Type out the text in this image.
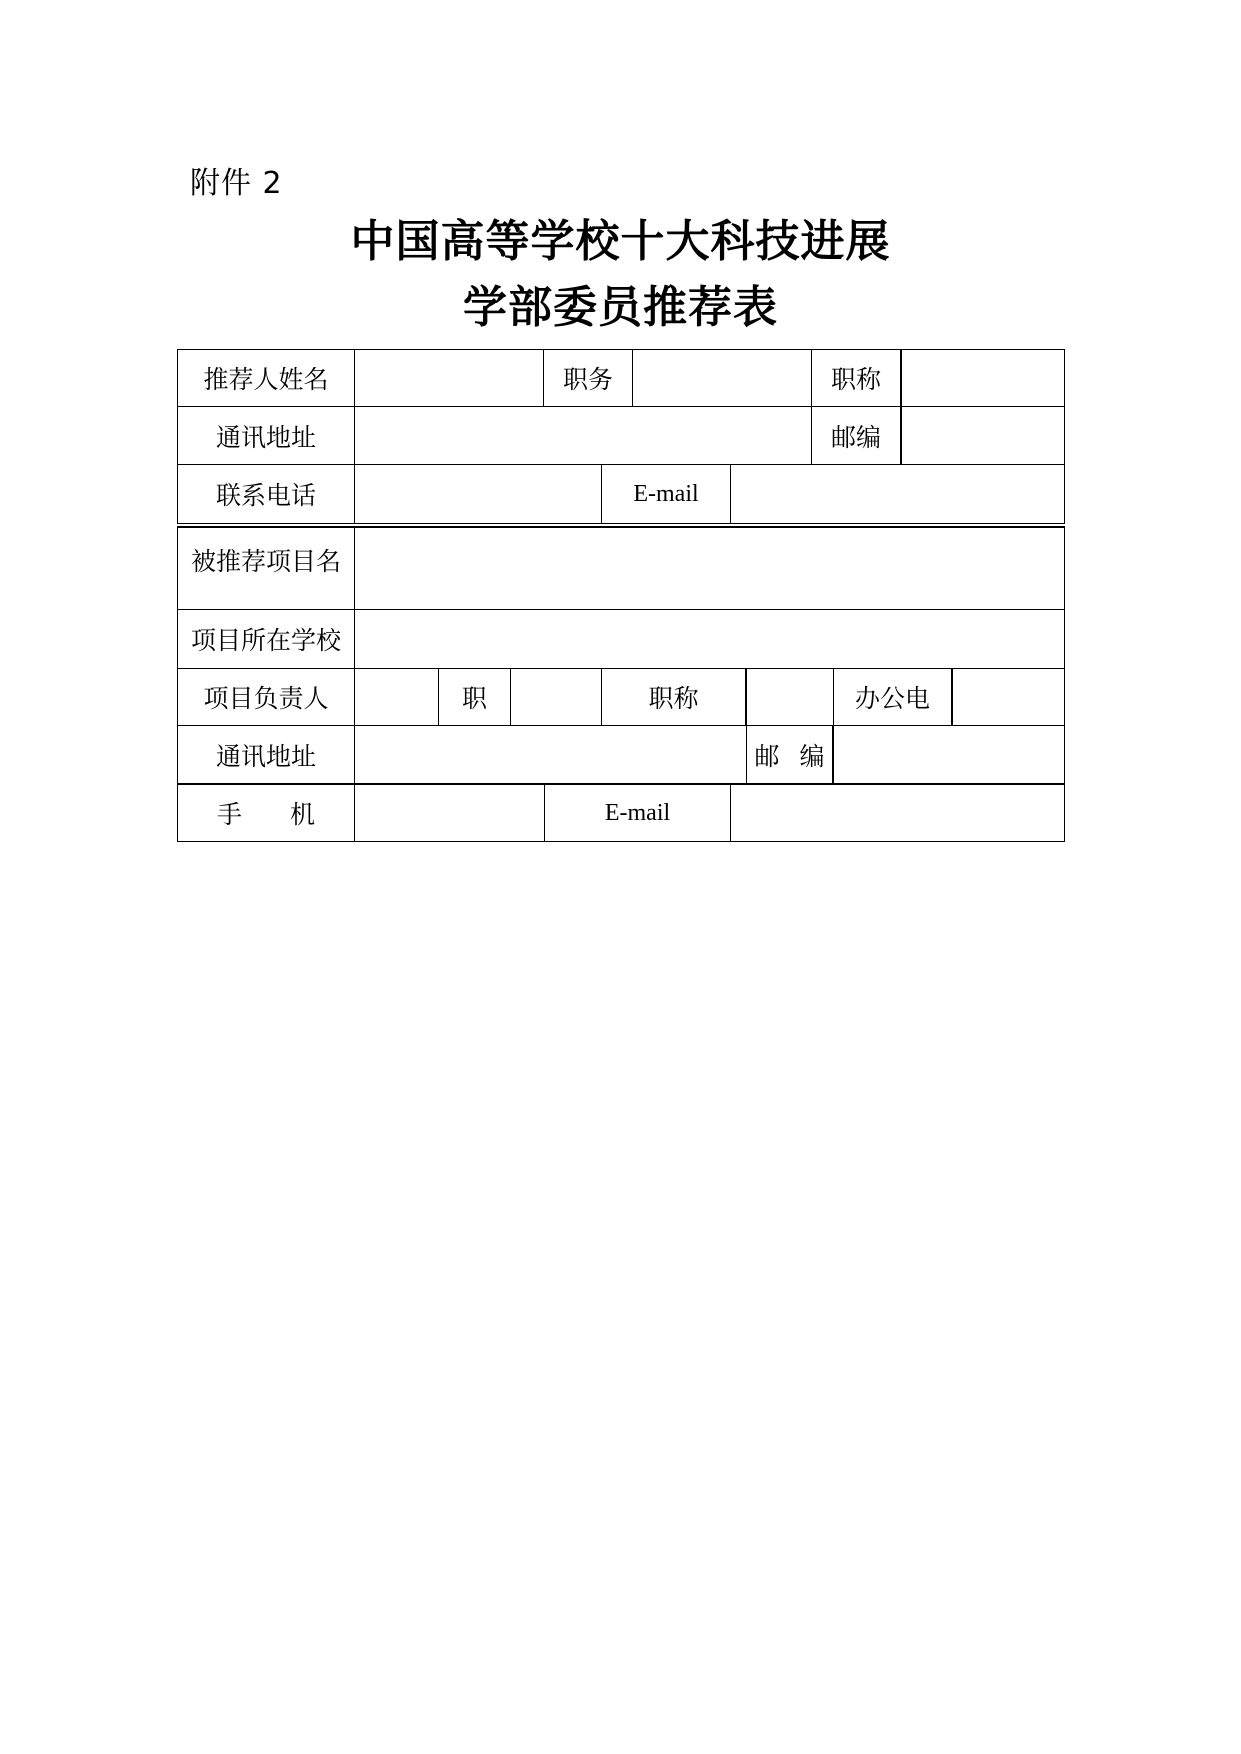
附件 2
中国高等学校十大科技进展
学部委员推荐表
推荐人姓名	职务	职称
通讯地址	邮编
联系电话	E-mail
被推荐项目名
项目所在学校
项目负责人	职	职称	办公电
通讯地址	邮 编
手 机	E-mail
